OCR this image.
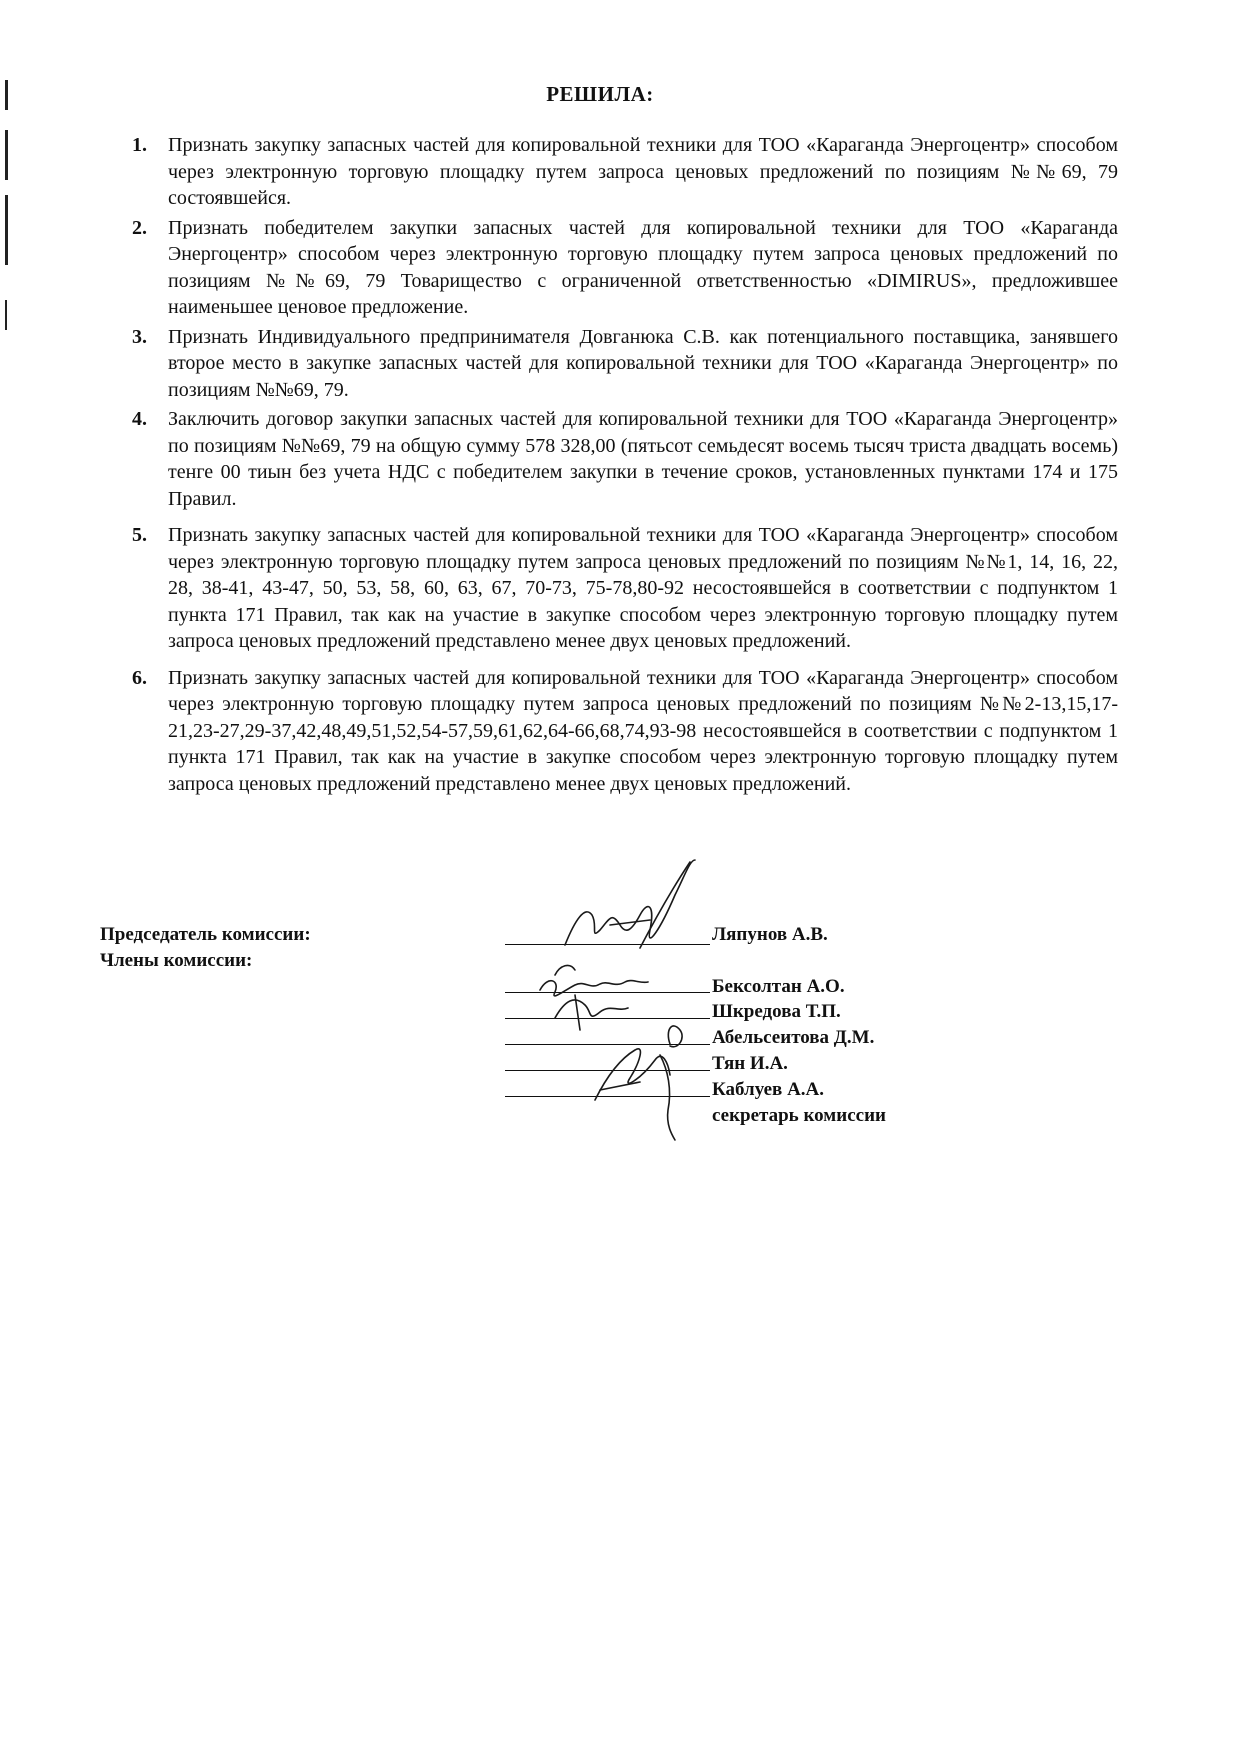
РЕШИЛА:
1. Признать закупку запасных частей для копировальной техники для ТОО «Караганда Энергоцентр» способом через электронную торговую площадку путем запроса ценовых предложений по позициям №№69, 79 состоявшейся.
2. Признать победителем закупки запасных частей для копировальной техники для ТОО «Караганда Энергоцентр» способом через электронную торговую площадку путем запроса ценовых предложений по позициям №№69, 79 Товарищество с ограниченной ответственностью «DIMIRUS», предложившее наименьшее ценовое предложение.
3. Признать Индивидуального предпринимателя Довганюка С.В. как потенциального поставщика, занявшего второе место в закупке запасных частей для копировальной техники для ТОО «Караганда Энергоцентр» по позициям №№69, 79.
4. Заключить договор закупки запасных частей для копировальной техники для ТОО «Караганда Энергоцентр» по позициям №№69, 79 на общую сумму 578 328,00 (пятьсот семьдесят восемь тысяч триста двадцать восемь) тенге 00 тиын без учета НДС с победителем закупки в течение сроков, установленных пунктами 174 и 175 Правил.
5. Признать закупку запасных частей для копировальной техники для ТОО «Караганда Энергоцентр» способом через электронную торговую площадку путем запроса ценовых предложений по позициям №№1, 14, 16, 22, 28, 38-41, 43-47, 50, 53, 58, 60, 63, 67, 70-73, 75-78,80-92 несостоявшейся в соответствии с подпунктом 1 пункта 171 Правил, так как на участие в закупке способом через электронную торговую площадку путем запроса ценовых предложений представлено менее двух ценовых предложений.
6. Признать закупку запасных частей для копировальной техники для ТОО «Караганда Энергоцентр» способом через электронную торговую площадку путем запроса ценовых предложений по позициям №№2-13,15,17-21,23-27,29-37,42,48,49,51,52,54-57,59,61,62,64-66,68,74,93-98 несостоявшейся в соответствии с подпунктом 1 пункта 171 Правил, так как на участие в закупке способом через электронную торговую площадку путем запроса ценовых предложений представлено менее двух ценовых предложений.
Председатель комиссии:
Члены комиссии:
Ляпунов А.В.
Бексолтан А.О.
Шкредова Т.П.
Абельсеитова Д.М.
Тян И.А.
Каблуев А.А.
секретарь комиссии
